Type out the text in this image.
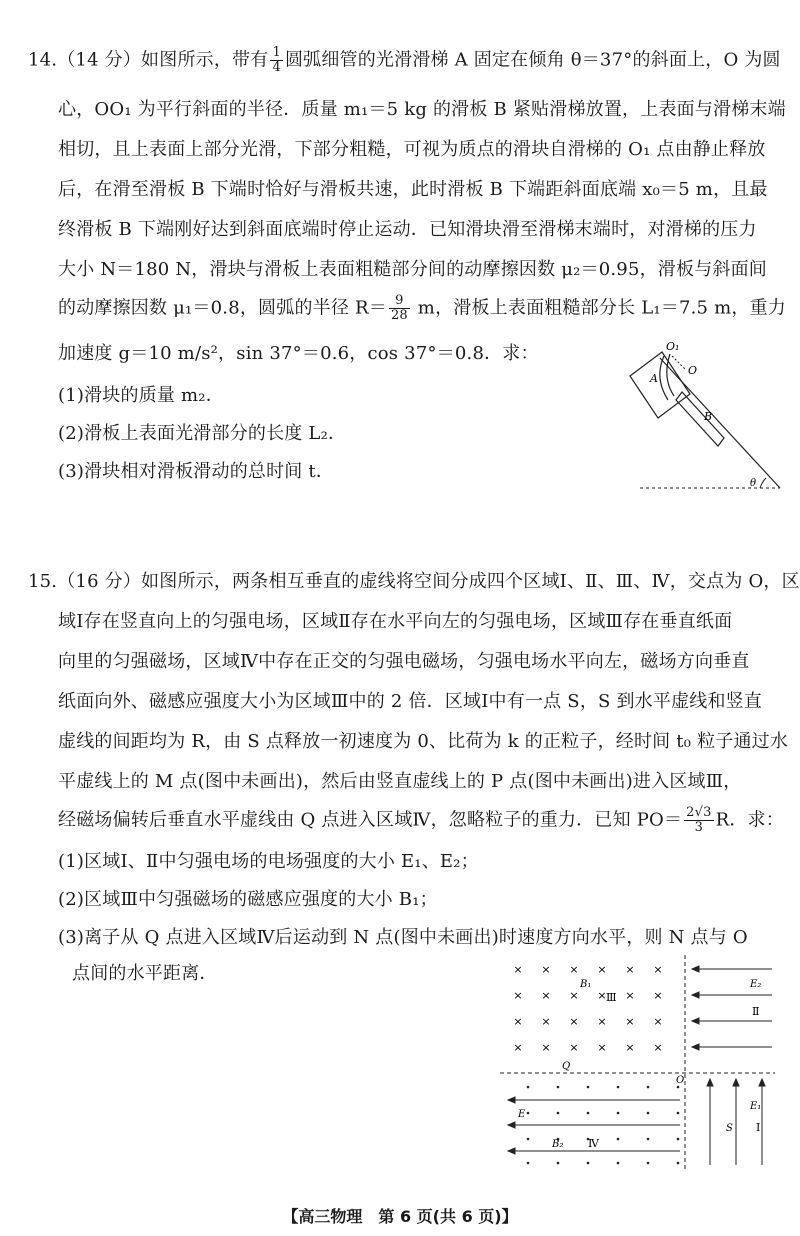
14.（14 分）如图所示，带有 $\frac{1}{4}$ 圆弧细管的光滑滑梯 A 固定在倾角 θ＝37°的斜面上，O 为圆
心，OO₁ 为平行斜面的半径．质量 m₁＝5 kg 的滑板 B 紧贴滑梯放置，上表面与滑梯末端
相切，且上表面上部分光滑，下部分粗糙，可视为质点的滑块自滑梯的 O₁ 点由静止释放
后，在滑至滑板 B 下端时恰好与滑板共速，此时滑板 B 下端距斜面底端 x₀＝5 m，且最
终滑板 B 下端刚好达到斜面底端时停止运动．已知滑块滑至滑梯末端时，对滑梯的压力
大小 N＝180 N，滑块与滑板上表面粗糙部分间的动摩擦因数 μ₂＝0.95，滑板与斜面间
的动摩擦因数 μ₁＝0.8，圆弧的半径 $R= \frac{9}{28}$ m，滑板上表面粗糙部分长 L₁＝7.5 m，重力
加速度 g＝10 m/s²，sin 37°＝0.6，cos 37°＝0.8．求：
(1)滑块的质量 m₂．
(2)滑板上表面光滑部分的长度 L₂．
(3)滑块相对滑板滑动的总时间 t．
O₁
O
A
B
θ
15.（16 分）如图所示，两条相互垂直的虚线将空间分成四个区域Ⅰ、Ⅱ、Ⅲ、Ⅳ，交点为 O，区
域Ⅰ存在竖直向上的匀强电场，区域Ⅱ存在水平向左的匀强电场，区域Ⅲ存在垂直纸面
向里的匀强磁场，区域Ⅳ中存在正交的匀强电磁场，匀强电场水平向左，磁场方向垂直
纸面向外、磁感应强度大小为区域Ⅲ中的 2 倍．区域Ⅰ中有一点 S，S 到水平虚线和竖直
虚线的间距均为 R，由 S 点释放一初速度为 0、比荷为 k 的正粒子，经时间 t₀ 粒子通过水
平虚线上的 M 点(图中未画出)，然后由竖直虚线上的 P 点(图中未画出)进入区域Ⅲ，
经磁场偏转后垂直水平虚线由 Q 点进入区域Ⅳ，忽略粒子的重力．已知 $PO= \frac{2√3}{3}$ R．求：
(1)区域Ⅰ、Ⅱ中匀强电场的电场强度的大小 E₁、E₂；
(2)区域Ⅲ中匀强磁场的磁感应强度的大小 B₁；
(3)离子从 Q 点进入区域Ⅳ后运动到 N 点(图中未画出)时速度方向水平，则 N 点与 O
点间的水平距离．	× × × × × ×
× × × × × ×
× × × × × ×
× × × × × ×
B₁
Ⅲ
E₂
Ⅱ
Q
O
E
B₂ Ⅳ
S
E₁
Ⅰ
【高三物理　第 6 页(共 6 页)】
